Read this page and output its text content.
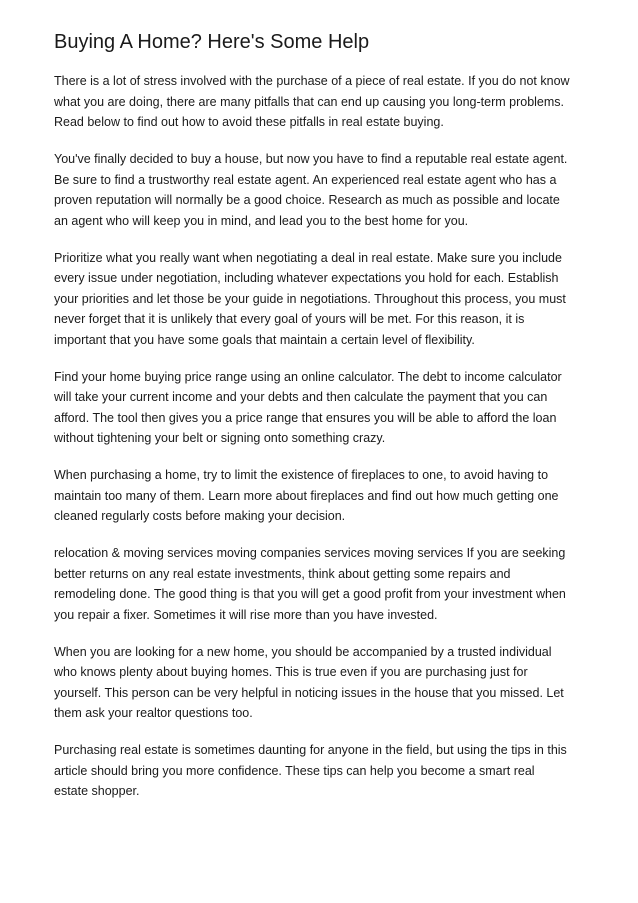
Buying A Home? Here's Some Help

There is a lot of stress involved with the purchase of a piece of real estate. If you do not know
what you are doing, there are many pitfalls that can end up causing you long-term problems.
Read below to find out how to avoid these pitfalls in real estate buying.

You've finally decided to buy a house, but now you have to find a reputable real estate agent.
Be sure to find a trustworthy real estate agent. An experienced real estate agent who has a
proven reputation will normally be a good choice. Research as much as possible and locate
an agent who will keep you in mind, and lead you to the best home for you.

Prioritize what you really want when negotiating a deal in real estate. Make sure you include
every issue under negotiation, including whatever expectations you hold for each. Establish
your priorities and let those be your guide in negotiations. Throughout this process, you must
never forget that it is unlikely that every goal of yours will be met. For this reason, it is
important that you have some goals that maintain a certain level of flexibility.

Find your home buying price range using an online calculator. The debt to income calculator
will take your current income and your debts and then calculate the payment that you can
afford. The tool then gives you a price range that ensures you will be able to afford the loan
without tightening your belt or signing onto something crazy.

When purchasing a home, try to limit the existence of fireplaces to one, to avoid having to
maintain too many of them. Learn more about fireplaces and find out how much getting one
cleaned regularly costs before making your decision.

relocation & moving services moving companies services moving services If you are seeking
better returns on any real estate investments, think about getting some repairs and
remodeling done. The good thing is that you will get a good profit from your investment when
you repair a fixer. Sometimes it will rise more than you have invested.

When you are looking for a new home, you should be accompanied by a trusted individual
who knows plenty about buying homes. This is true even if you are purchasing just for
yourself. This person can be very helpful in noticing issues in the house that you missed. Let
them ask your realtor questions too.

Purchasing real estate is sometimes daunting for anyone in the field, but using the tips in this
article should bring you more confidence. These tips can help you become a smart real
estate shopper.
